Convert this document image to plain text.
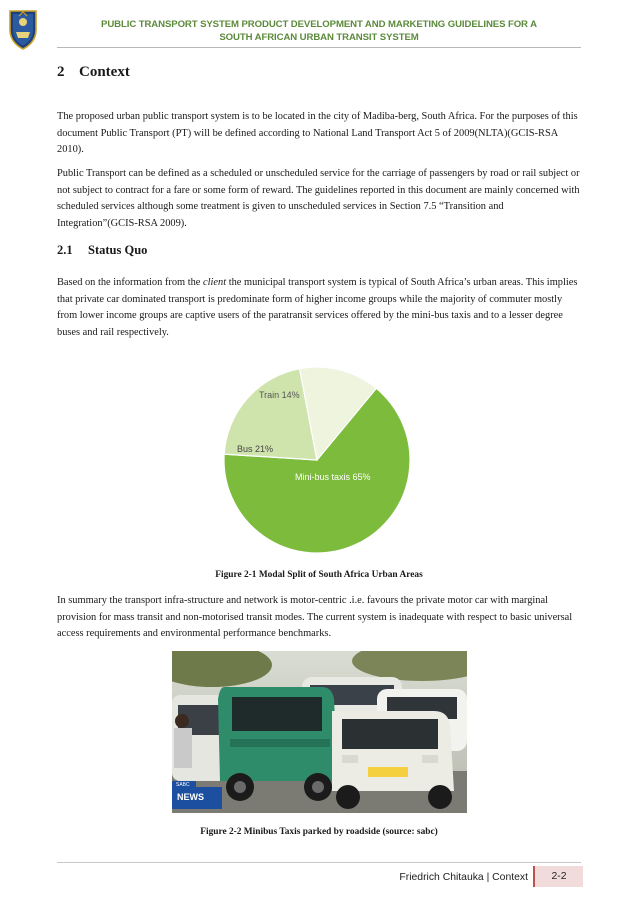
PUBLIC TRANSPORT SYSTEM PRODUCT DEVELOPMENT AND MARKETING GUIDELINES FOR A
SOUTH AFRICAN URBAN TRANSIT SYSTEM
2 Context

The proposed urban public transport system is to be located in the city of Madiba-berg, South Africa. For the purposes of this document Public Transport (PT) will be defined according to National Land Transport Act 5 of 2009(NLTA)(GCIS-RSA 2010).

Public Transport can be defined as a scheduled or unscheduled service for the carriage of passengers by road or rail subject or not subject to contract for a fare or some form of reward. The guidelines reported in this document are mainly concerned with scheduled services although some treatment is given to unscheduled services in Section 7.5 “Transition and Integration”(GCIS-RSA 2009).

2.1 Status Quo

Based on the information from the client the municipal transport system is typical of South Africa’s urban areas. This implies that private car dominated transport is predominate form of higher income groups while the majority of commuter mostly from lower income groups are captive users of the paratransit services offered by the mini-bus taxis and to a lesser degree buses and rail respectively.

Mini-bus taxis 65%
Bus 21%
Train 14%
Figure 2-1 Modal Split of South Africa Urban Areas

In summary the transport infra-structure and network is motor-centric .i.e. favours the private motor car with marginal provision for mass transit and non-motorised transit modes. The current system is inadequate with respect to basic universal access requirements and environmental performance benchmarks.

SABC
NEWS
Figure 2-2 Minibus Taxis parked by roadside (source: sabc)
Friedrich Chitauka | Context	2-2
